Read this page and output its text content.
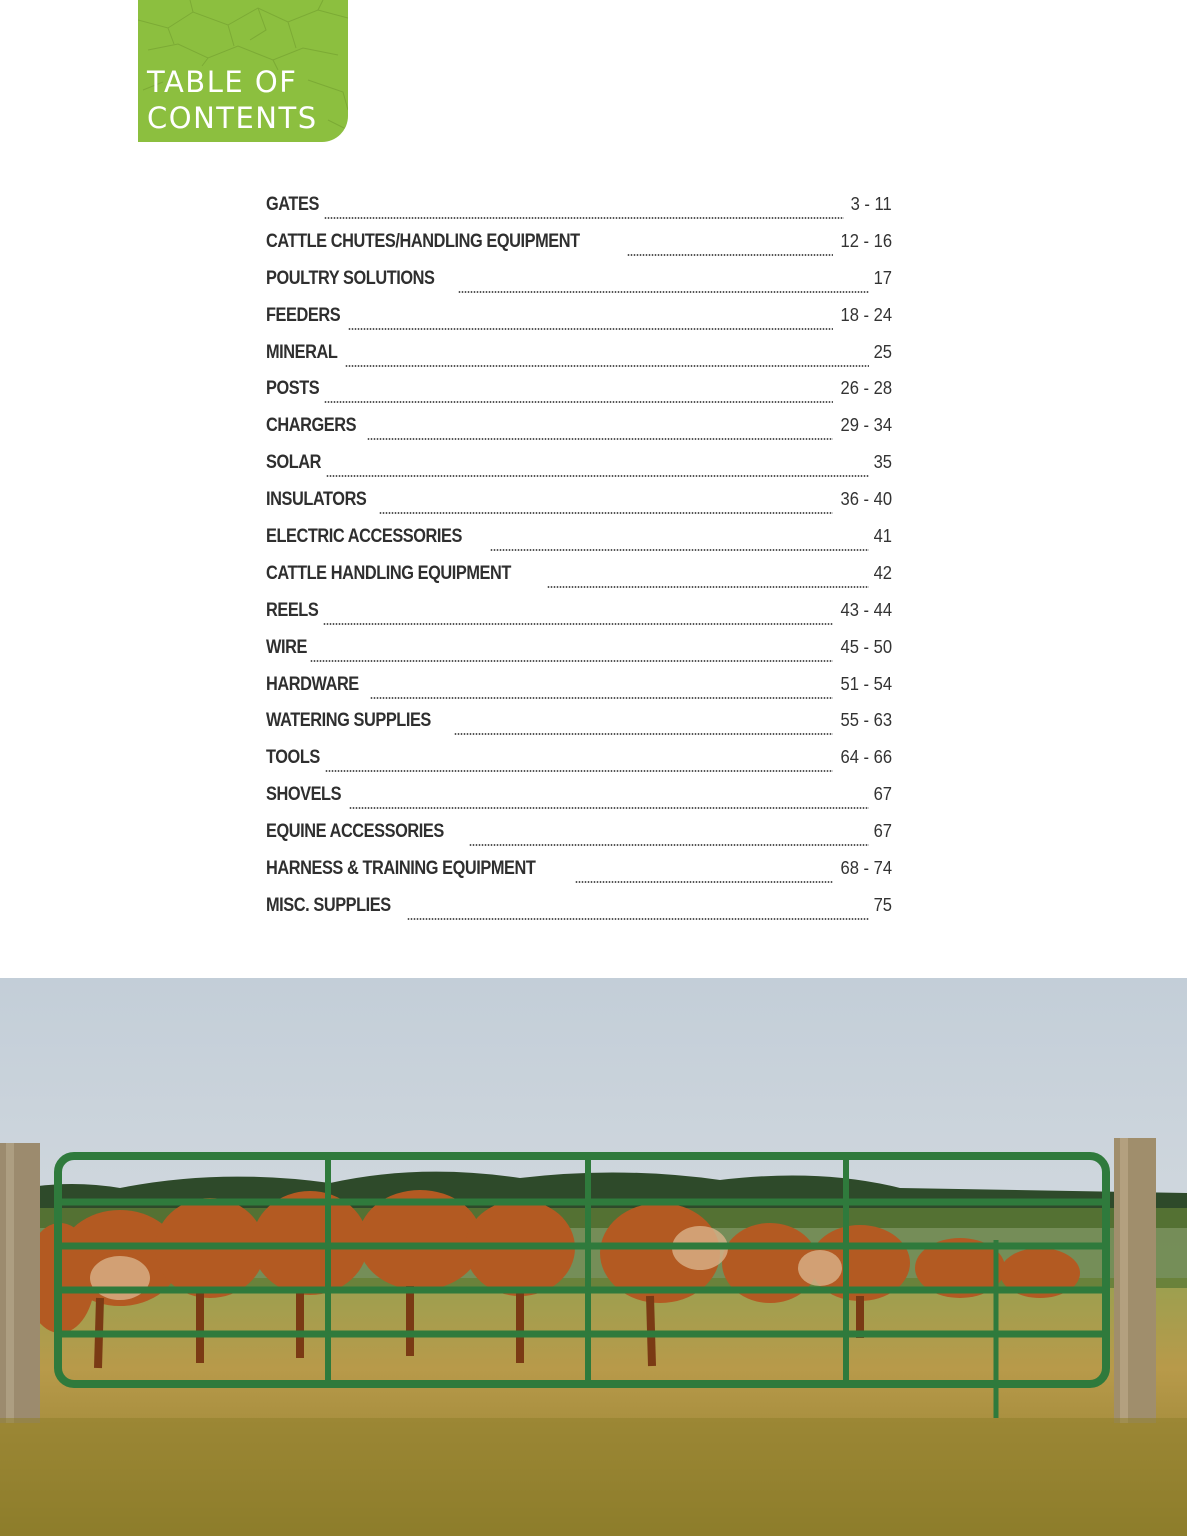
TABLE OF
CONTENTS
GATES	3 - 11
CATTLE CHUTES/HANDLING EQUIPMENT	12 - 16
POULTRY SOLUTIONS	17
FEEDERS	18 - 24
MINERAL	25
POSTS	26 - 28
CHARGERS	29 - 34
SOLAR	35
INSULATORS	36 - 40
ELECTRIC ACCESSORIES	41
CATTLE HANDLING EQUIPMENT	42
REELS	43 - 44
WIRE	45 - 50
HARDWARE	51 - 54
WATERING SUPPLIES	55 - 63
TOOLS	64 - 66
SHOVELS	67
EQUINE ACCESSORIES	67
HARNESS & TRAINING EQUIPMENT	68 - 74
MISC. SUPPLIES	75
